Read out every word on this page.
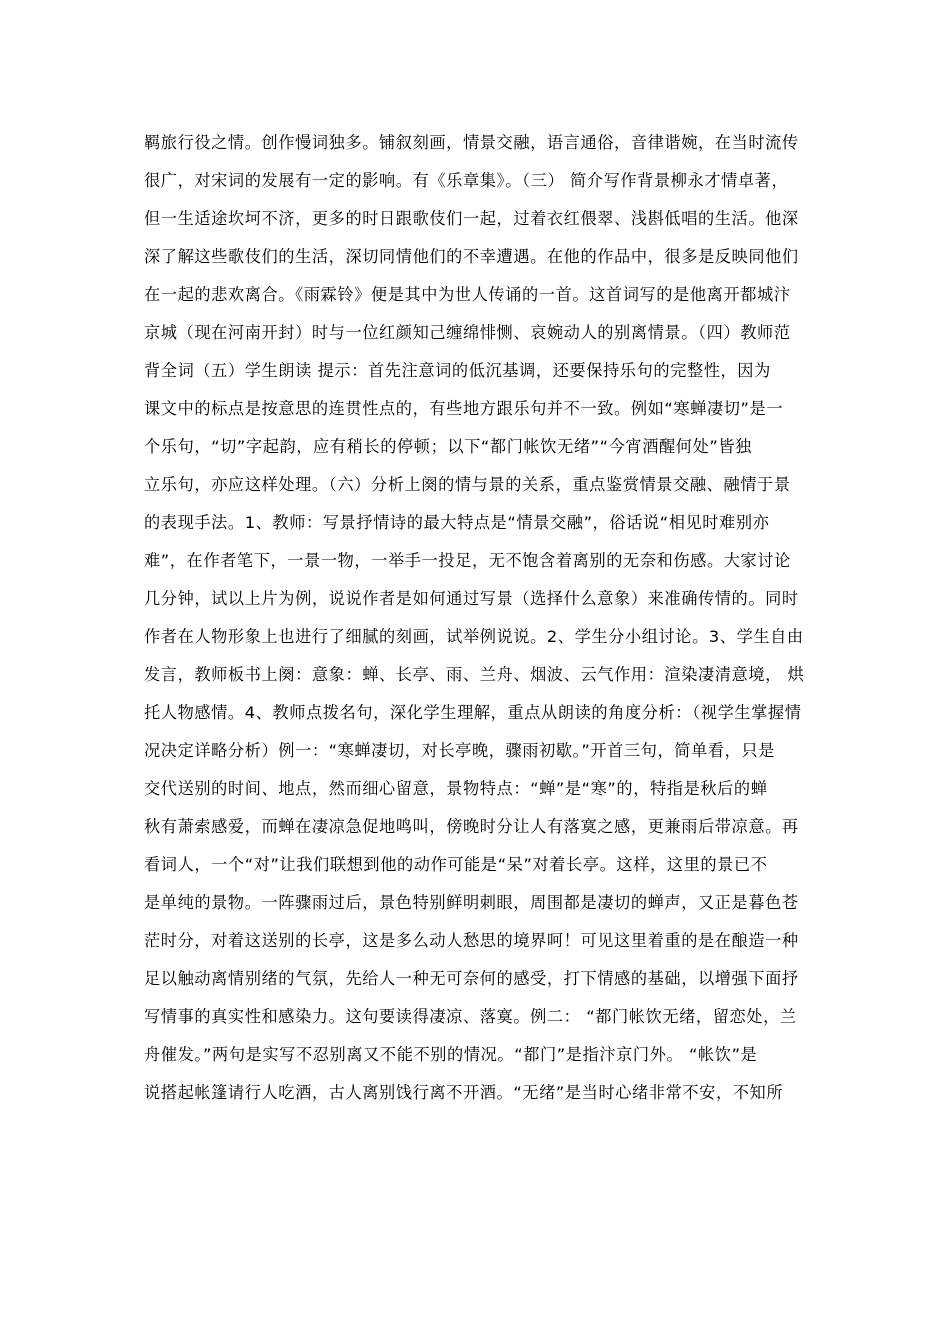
羁旅行役之情。创作慢词独多。铺叙刻画，情景交融，语言通俗，音律谐婉，在当时流传
很广，对宋词的发展有一定的影响。有《乐章集》。（三） 简介写作背景柳永才情卓著，
但一生适途坎坷不济，更多的时日跟歌伎们一起，过着衣红偎翠、浅斟低唱的生活。他深
深了解这些歌伎们的生活，深切同情他们的不幸遭遇。在他的作品中，很多是反映同他们
在一起的悲欢离合。《雨霖铃》便是其中为世人传诵的一首。这首词写的是他离开都城汴
京城（现在河南开封）时与一位红颜知己缠绵悱恻、哀婉动人的别离情景。（四）教师范
背全词（五）学生朗读 提示：首先注意词的低沉基调，还要保持乐句的完整性，因为
课文中的标点是按意思的连贯性点的，有些地方跟乐句并不一致。例如“寒蝉凄切”是一
个乐句，“切”字起韵，应有稍长的停顿；以下“都门帐饮无绪”“今宵酒醒何处”皆独
立乐句，亦应这样处理。（六）分析上阕的情与景的关系，重点鉴赏情景交融、融情于景
的表现手法。1、教师：写景抒情诗的最大特点是“情景交融”，俗话说“相见时难别亦
难”，在作者笔下，一景一物，一举手一投足，无不饱含着离别的无奈和伤感。大家讨论
几分钟，试以上片为例，说说作者是如何通过写景（选择什么意象）来准确传情的。同时
作者在人物形象上也进行了细腻的刻画，试举例说说。2、学生分小组讨论。3、学生自由
发言，教师板书上阕：意象：蝉、长亭、雨、兰舟、烟波、云气作用：渲染凄清意境， 烘
托人物感情。4、教师点拨名句，深化学生理解，重点从朗读的角度分析：（视学生掌握情
况决定详略分析）例一：“寒蝉凄切，对长亭晚，骤雨初歇。”开首三句，简单看，只是
交代送别的时间、地点，然而细心留意，景物特点：“蝉”是“寒”的，特指是秋后的蝉
秋有萧索感爱，而蝉在凄凉急促地鸣叫，傍晚时分让人有落寞之感，更兼雨后带凉意。再
看词人，一个“对”让我们联想到他的动作可能是“呆”对着长亭。这样，这里的景已不
是单纯的景物。一阵骤雨过后，景色特别鲜明刺眼，周围都是凄切的蝉声，又正是暮色苍
茫时分，对着这送别的长亭，这是多么动人愁思的境界呵！可见这里着重的是在酿造一种
足以触动离情别绪的气氛，先给人一种无可奈何的感受，打下情感的基础，以增强下面抒
写情事的真实性和感染力。这句要读得凄凉、落寞。例二： “都门帐饮无绪，留恋处，兰
舟催发。”两句是实写不忍别离又不能不别的情况。“都门”是指汴京门外。 “帐饮”是
说搭起帐篷请行人吃酒，古人离别饯行离不开酒。“无绪”是当时心绪非常不安，不知所
